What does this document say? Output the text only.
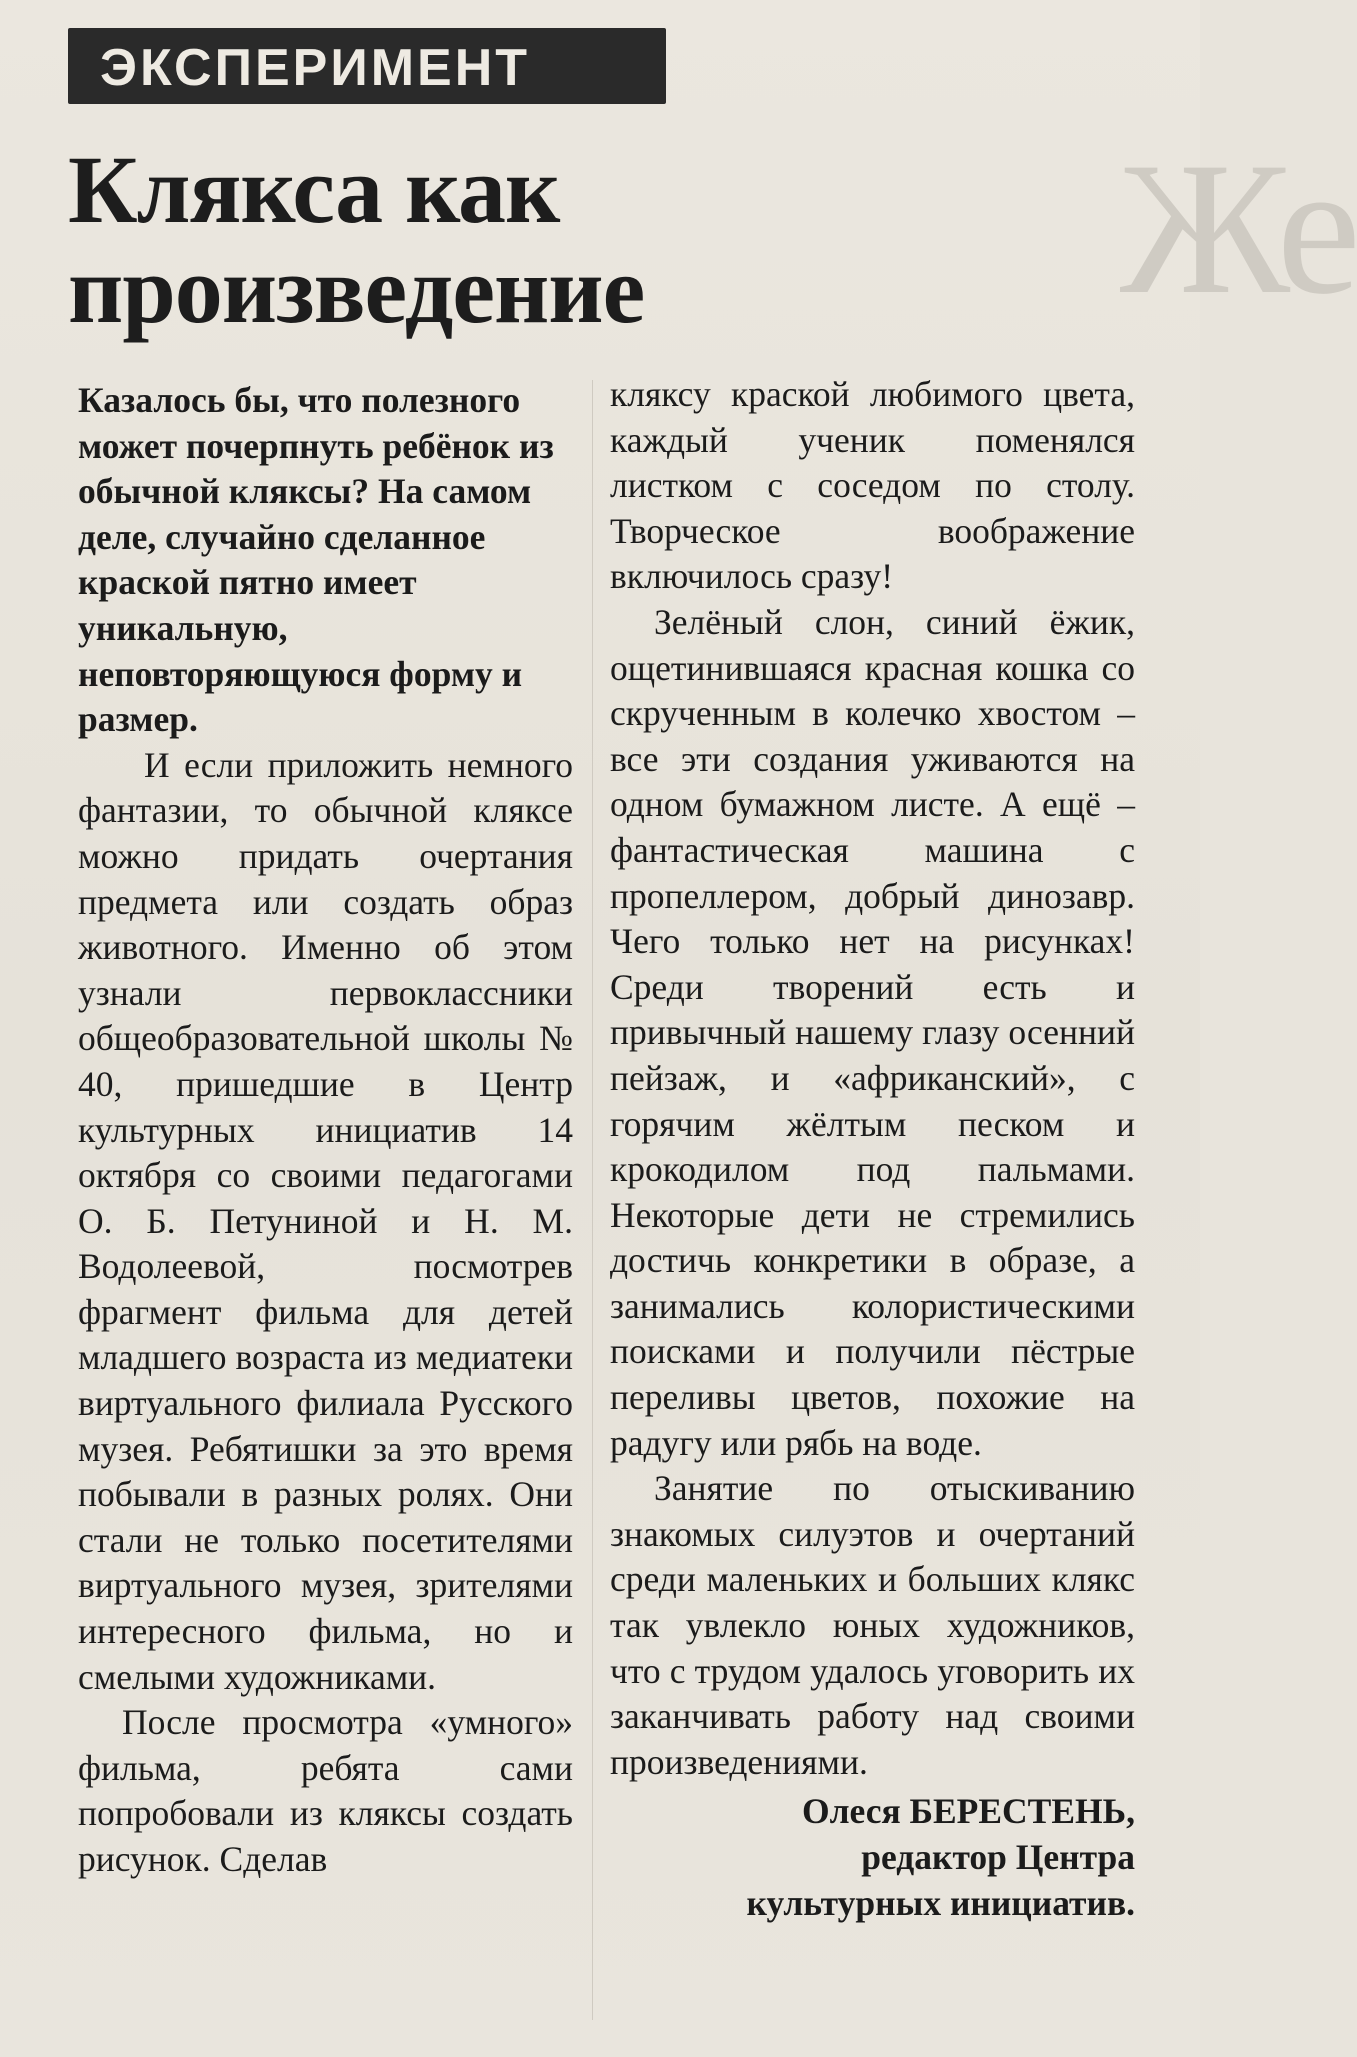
Же
ЭКСПЕРИМЕНТ
Клякса как
произведение

Казалось бы, что полезного может почерпнуть ребёнок из обычной кляксы? На самом деле, случайно сделанное краской пятно имеет уникальную, неповторяющуюся форму и размер.

И если приложить немного фантазии, то обычной кляксе можно придать очертания предмета или создать образ животного. Именно об этом узнали первоклассники общеобразовательной школы № 40, пришедшие в Центр культурных инициатив 14 октября со своими педагогами О. Б. Петуниной и Н. М. Водолеевой, посмотрев фрагмент фильма для детей младшего возраста из медиатеки виртуального филиала Русского музея. Ребятишки за это время побывали в разных ролях. Они стали не только посетителями виртуального музея, зрителями интересного фильма, но и смелыми художниками.

После просмотра «умного» фильма, ребята сами попробовали из кляксы создать рисунок. Сделав

кляксу краской любимого цвета, каждый ученик поменялся листком с соседом по столу. Творческое воображение включилось сразу!

Зелёный слон, синий ёжик, ощетинившаяся красная кошка со скрученным в колечко хвостом – все эти создания уживаются на одном бумажном листе. А ещё – фантастическая машина с пропеллером, добрый динозавр. Чего только нет на рисунках! Среди творений есть и привычный нашему глазу осенний пейзаж, и «африканский», с горячим жёлтым песком и крокодилом под пальмами. Некоторые дети не стремились достичь конкретики в образе, а занимались колористическими поисками и получили пёстрые переливы цветов, похожие на радугу или рябь на воде.

Занятие по отыскиванию знакомых силуэтов и очертаний среди маленьких и больших клякс так увлекло юных художников, что с трудом удалось уговорить их заканчивать работу над своими произведениями.

Олеся БЕРЕСТЕНЬ,
редактор Центра
культурных инициатив.
